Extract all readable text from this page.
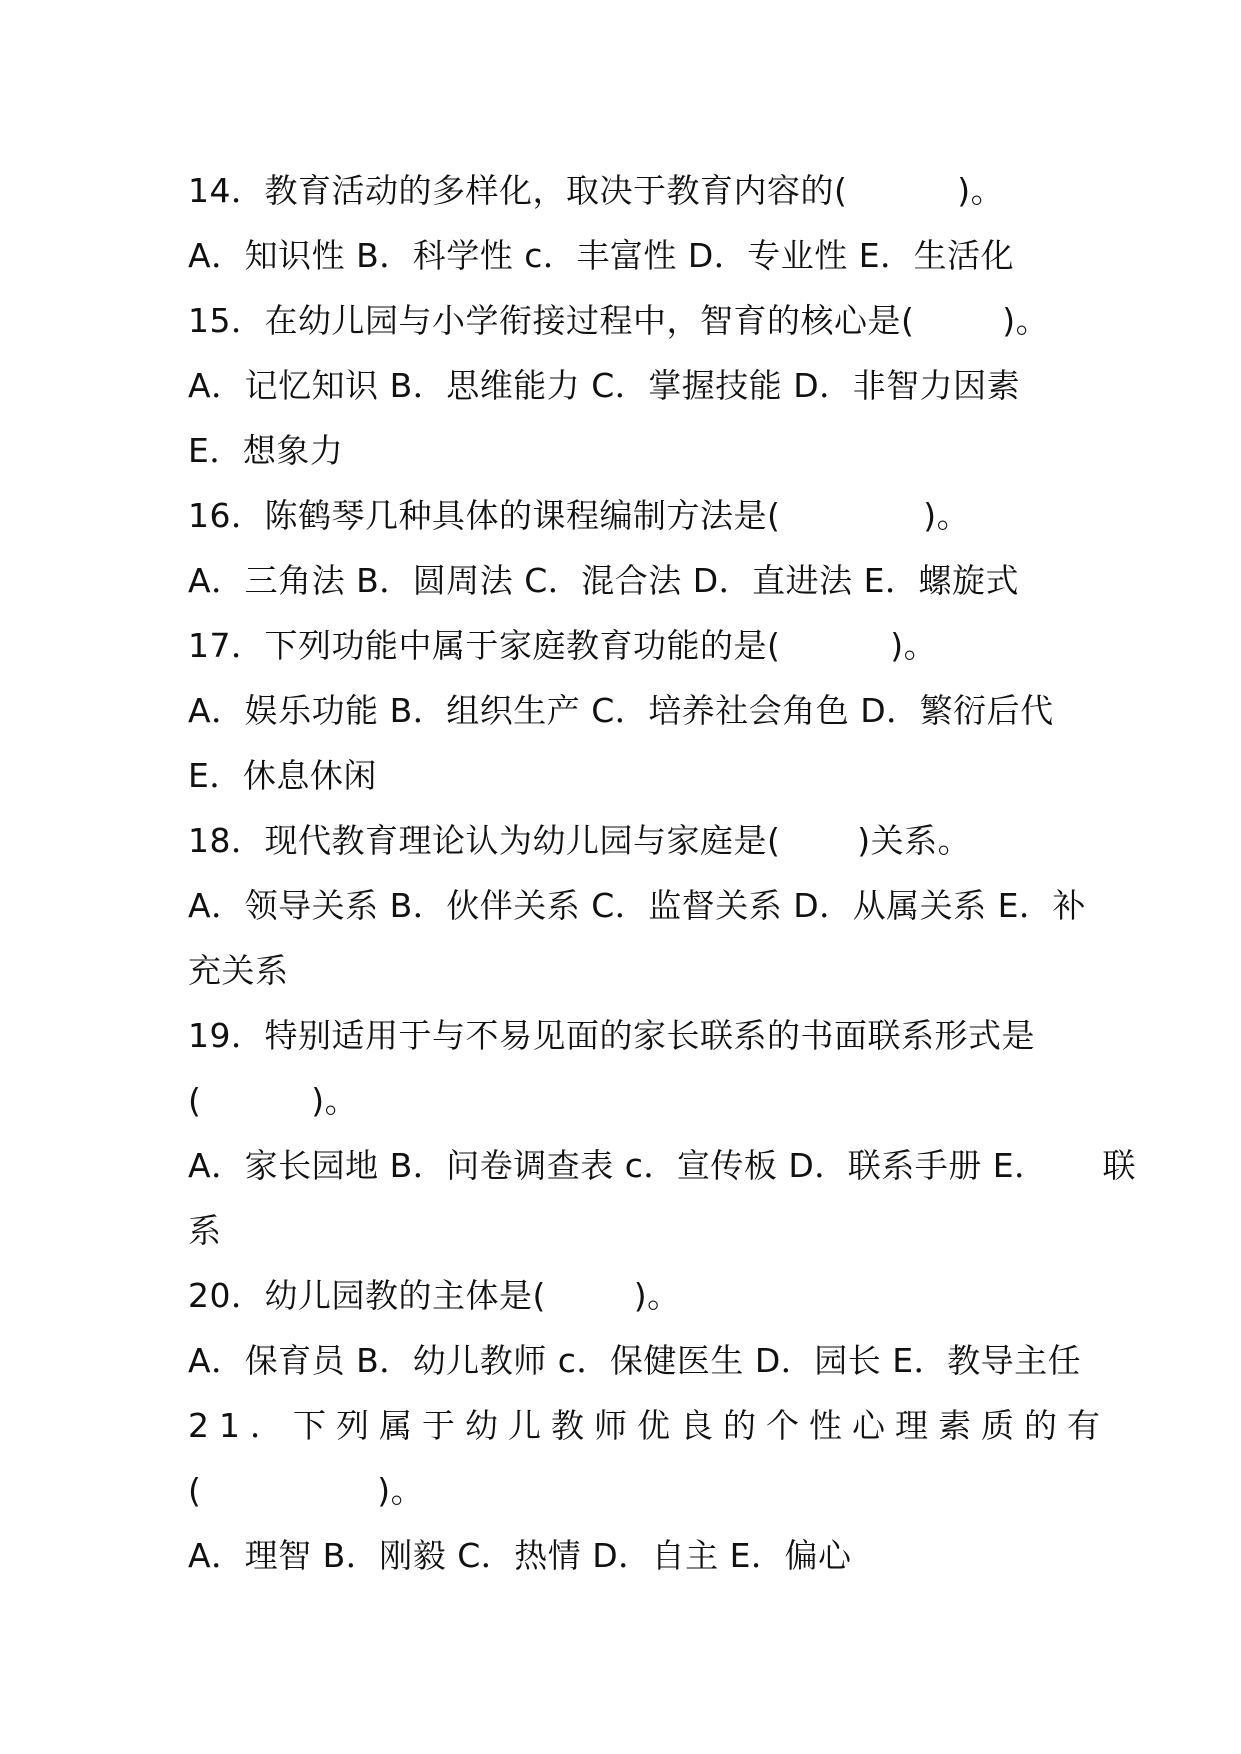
14．教育活动的多样化，取决于教育内容的(          )。
A．知识性 B．科学性 c．丰富性 D．专业性 E．生活化
15．在幼儿园与小学衔接过程中，智育的核心是(        )。
A．记忆知识 B．思维能力 C．掌握技能 D．非智力因素
E．想象力
16．陈鹤琴几种具体的课程编制方法是(             )。
A．三角法 B．圆周法 C．混合法 D．直进法 E．螺旋式
17．下列功能中属于家庭教育功能的是(          )。
A．娱乐功能 B．组织生产 C．培养社会角色 D．繁衍后代
E．休息休闲
18．现代教育理论认为幼儿园与家庭是(       )关系。
A．领导关系 B．伙伴关系 C．监督关系 D．从属关系 E．补
充关系
19．特别适用于与不易见面的家长联系的书面联系形式是
(          )。
A．家长园地 B．问卷调查表 c．宣传板 D．联系手册 E．     联
系
20．幼儿园教的主体是(        )。
A．保育员 B．幼儿教师 c．保健医生 D．园长 E．教导主任
21．下列属于幼儿教师优良的个性心理素质的有
(                )。
A．理智 B．刚毅 C．热情 D．自主 E．偏心
